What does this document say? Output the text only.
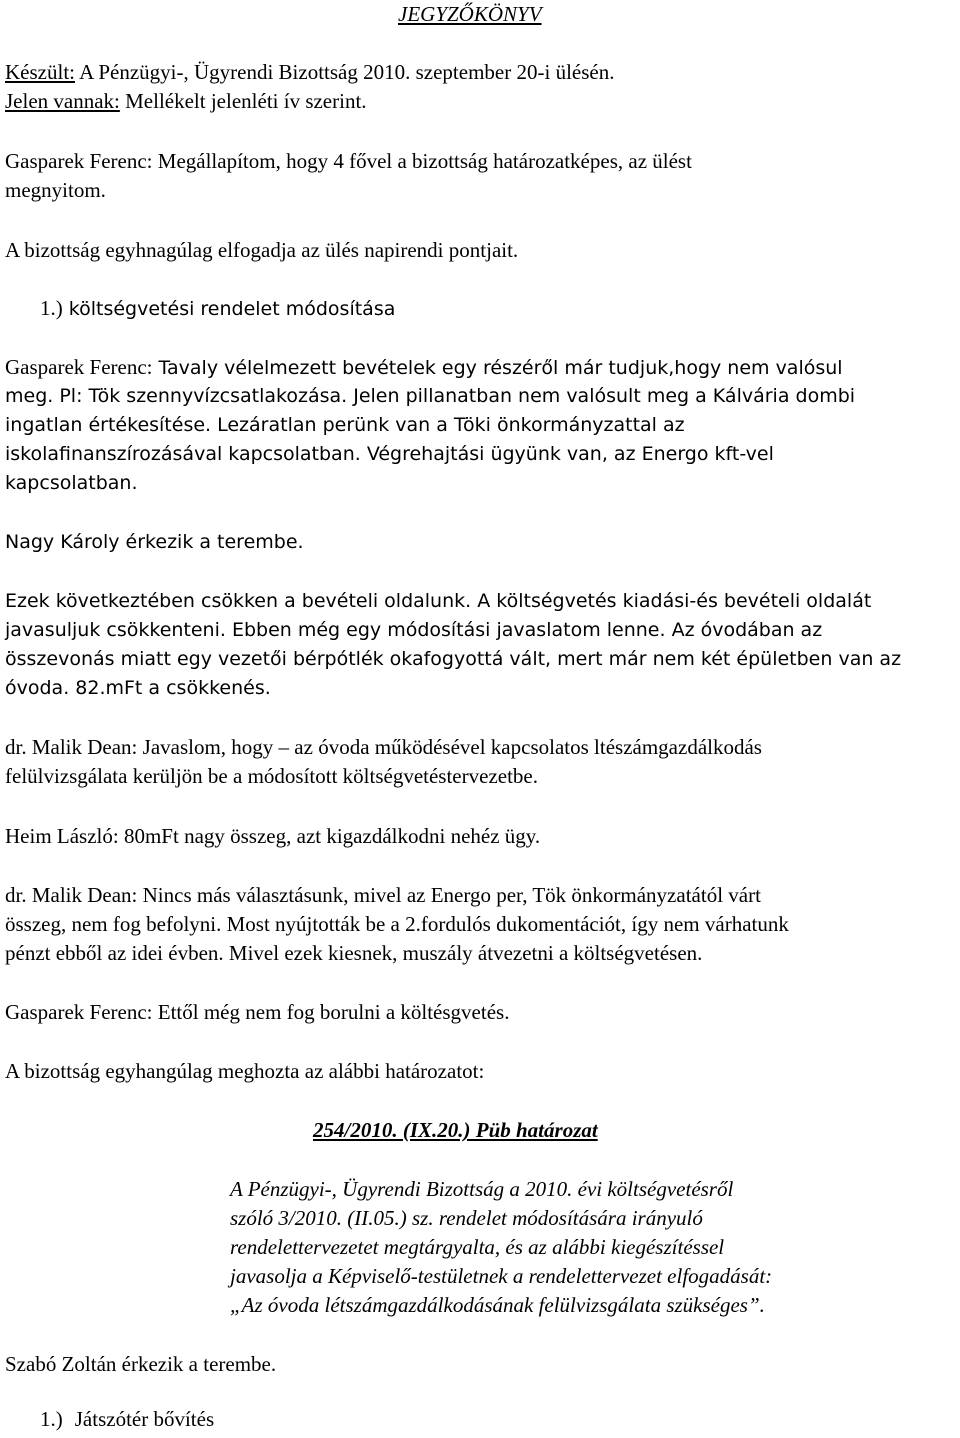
JEGYZŐKÖNYV
Készült: A Pénzügyi-, Ügyrendi Bizottság 2010. szeptember 20-i ülésén.
Jelen vannak: Mellékelt jelenléti ív szerint.
Gasparek Ferenc: Megállapítom, hogy 4 fővel a bizottság határozatképes, az ülést
megnyitom.
A bizottság egyhnagúlag elfogadja az ülés napirendi pontjait.
1.) költségvetési rendelet módosítása
Gasparek Ferenc: Tavaly vélelmezett bevételek egy részéről már tudjuk,hogy nem valósul
meg. Pl: Tök szennyvízcsatlakozása. Jelen pillanatban nem valósult meg a Kálvária dombi
ingatlan értékesítése. Lezáratlan perünk van a Töki önkormányzattal az
iskolafinanszírozásával kapcsolatban. Végrehajtási ügyünk van, az Energo kft-vel
kapcsolatban.
Nagy Károly érkezik a terembe.
Ezek következtében csökken a bevételi oldalunk. A költségvetés kiadási-és bevételi oldalát
javasuljuk csökkenteni. Ebben még egy módosítási javaslatom lenne. Az óvodában az
összevonás miatt egy vezetői bérpótlék okafogyottá vált, mert már nem két épületben van az
óvoda. 82.mFt a csökkenés.
dr. Malik Dean: Javaslom, hogy – az óvoda működésével kapcsolatos ltészámgazdálkodás
felülvizsgálata kerüljön be a módosított költségvetéstervezetbe.
Heim László: 80mFt nagy összeg, azt kigazdálkodni nehéz ügy.
dr. Malik Dean: Nincs más választásunk, mivel az Energo per, Tök önkormányzatától várt
összeg, nem fog befolyni. Most nyújtották be a 2.fordulós dukomentációt, így nem várhatunk
pénzt ebből az idei évben. Mivel ezek kiesnek, muszály átvezetni a költségvetésen.
Gasparek Ferenc: Ettől még nem fog borulni a költésgvetés.
A bizottság egyhangúlag meghozta az alábbi határozatot:
254/2010. (IX.20.) Püb határozat
A Pénzügyi-, Ügyrendi Bizottság a 2010. évi költségvetésről
szóló 3/2010. (II.05.) sz. rendelet módosítására irányuló
rendelettervezetet megtárgyalta, és az alábbi kiegészítéssel
javasolja a Képviselő-testületnek a rendelettervezet elfogadását:
„Az óvoda létszámgazdálkodásának felülvizsgálata szükséges”.
Szabó Zoltán érkezik a terembe.
1.) Játszótér bővítés
